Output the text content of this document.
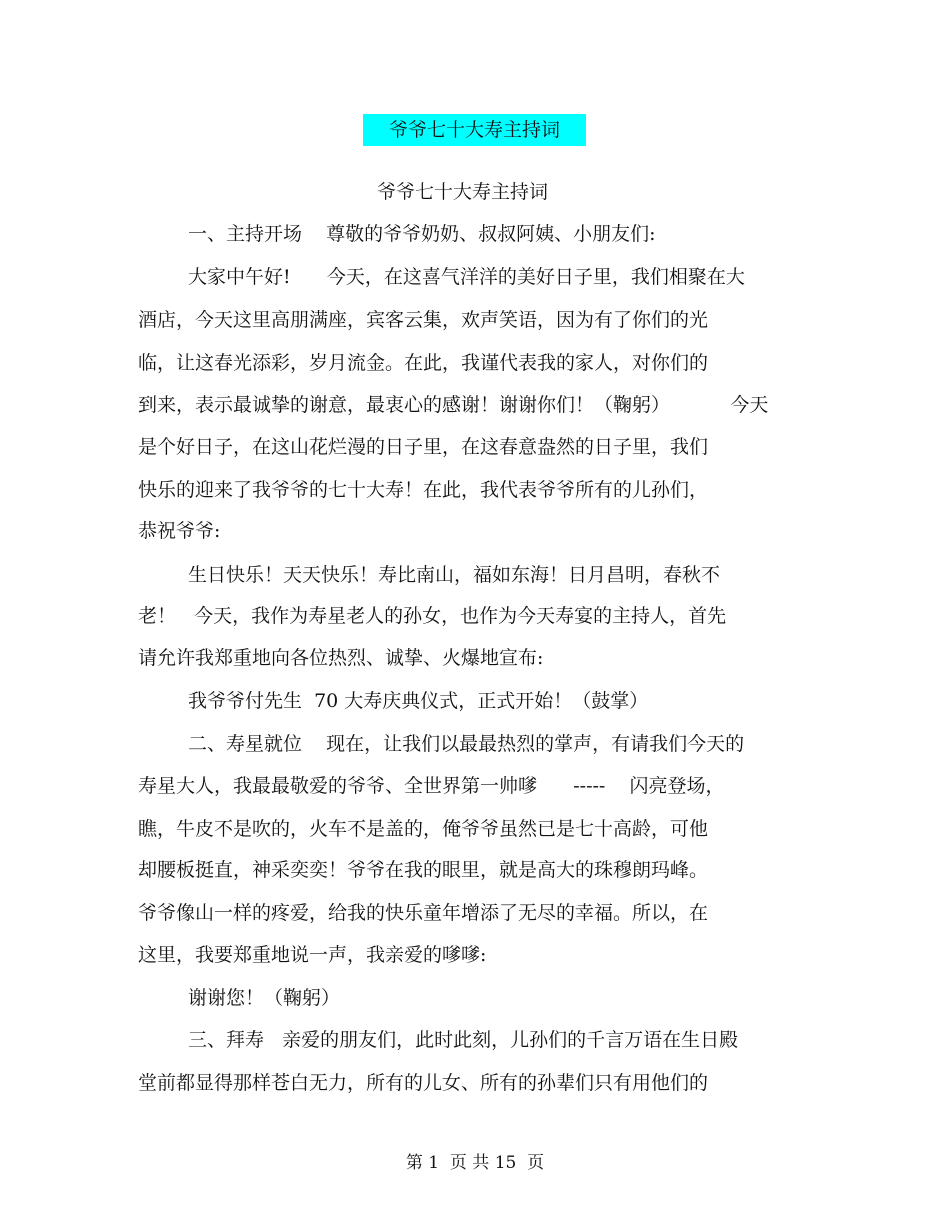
爷爷七十大寿主持词
爷爷七十大寿主持词
一、主持开场    尊敬的爷爷奶奶、叔叔阿姨、小朋友们:
大家中午好!      今天，在这喜气洋洋的美好日子里，我们相聚在大
酒店，今天这里高朋满座，宾客云集，欢声笑语，因为有了你们的光
临，让这春光添彩，岁月流金。在此，我谨代表我的家人，对你们的
到来，表示最诚挚的谢意，最衷心的感谢！谢谢你们！（鞠躬）          今天
是个好日子，在这山花烂漫的日子里，在这春意盎然的日子里，我们
快乐的迎来了我爷爷的七十大寿！在此，我代表爷爷所有的儿孙们，
恭祝爷爷:
生日快乐！天天快乐！寿比南山，福如东海！日月昌明，春秋不
老！   今天，我作为寿星老人的孙女，也作为今天寿宴的主持人，首先
请允许我郑重地向各位热烈、诚挚、火爆地宣布:
我爷爷付先生  70 大寿庆典仪式，正式开始！（鼓掌）
二、寿星就位    现在，让我们以最最热烈的掌声，有请我们今天的
寿星大人，我最最敬爱的爷爷、全世界第一帅嗲      -----    闪亮登场，
瞧，牛皮不是吹的，火车不是盖的，俺爷爷虽然已是七十高龄，可他
却腰板挺直，神采奕奕！爷爷在我的眼里，就是高大的珠穆朗玛峰。
爷爷像山一样的疼爱，给我的快乐童年增添了无尽的幸福。所以，在
这里，我要郑重地说一声，我亲爱的嗲嗲:
谢谢您！（鞠躬）
三、拜寿   亲爱的朋友们，此时此刻，儿孙们的千言万语在生日殿
堂前都显得那样苍白无力，所有的儿女、所有的孙辈们只有用他们的
第 1  页 共 15  页
